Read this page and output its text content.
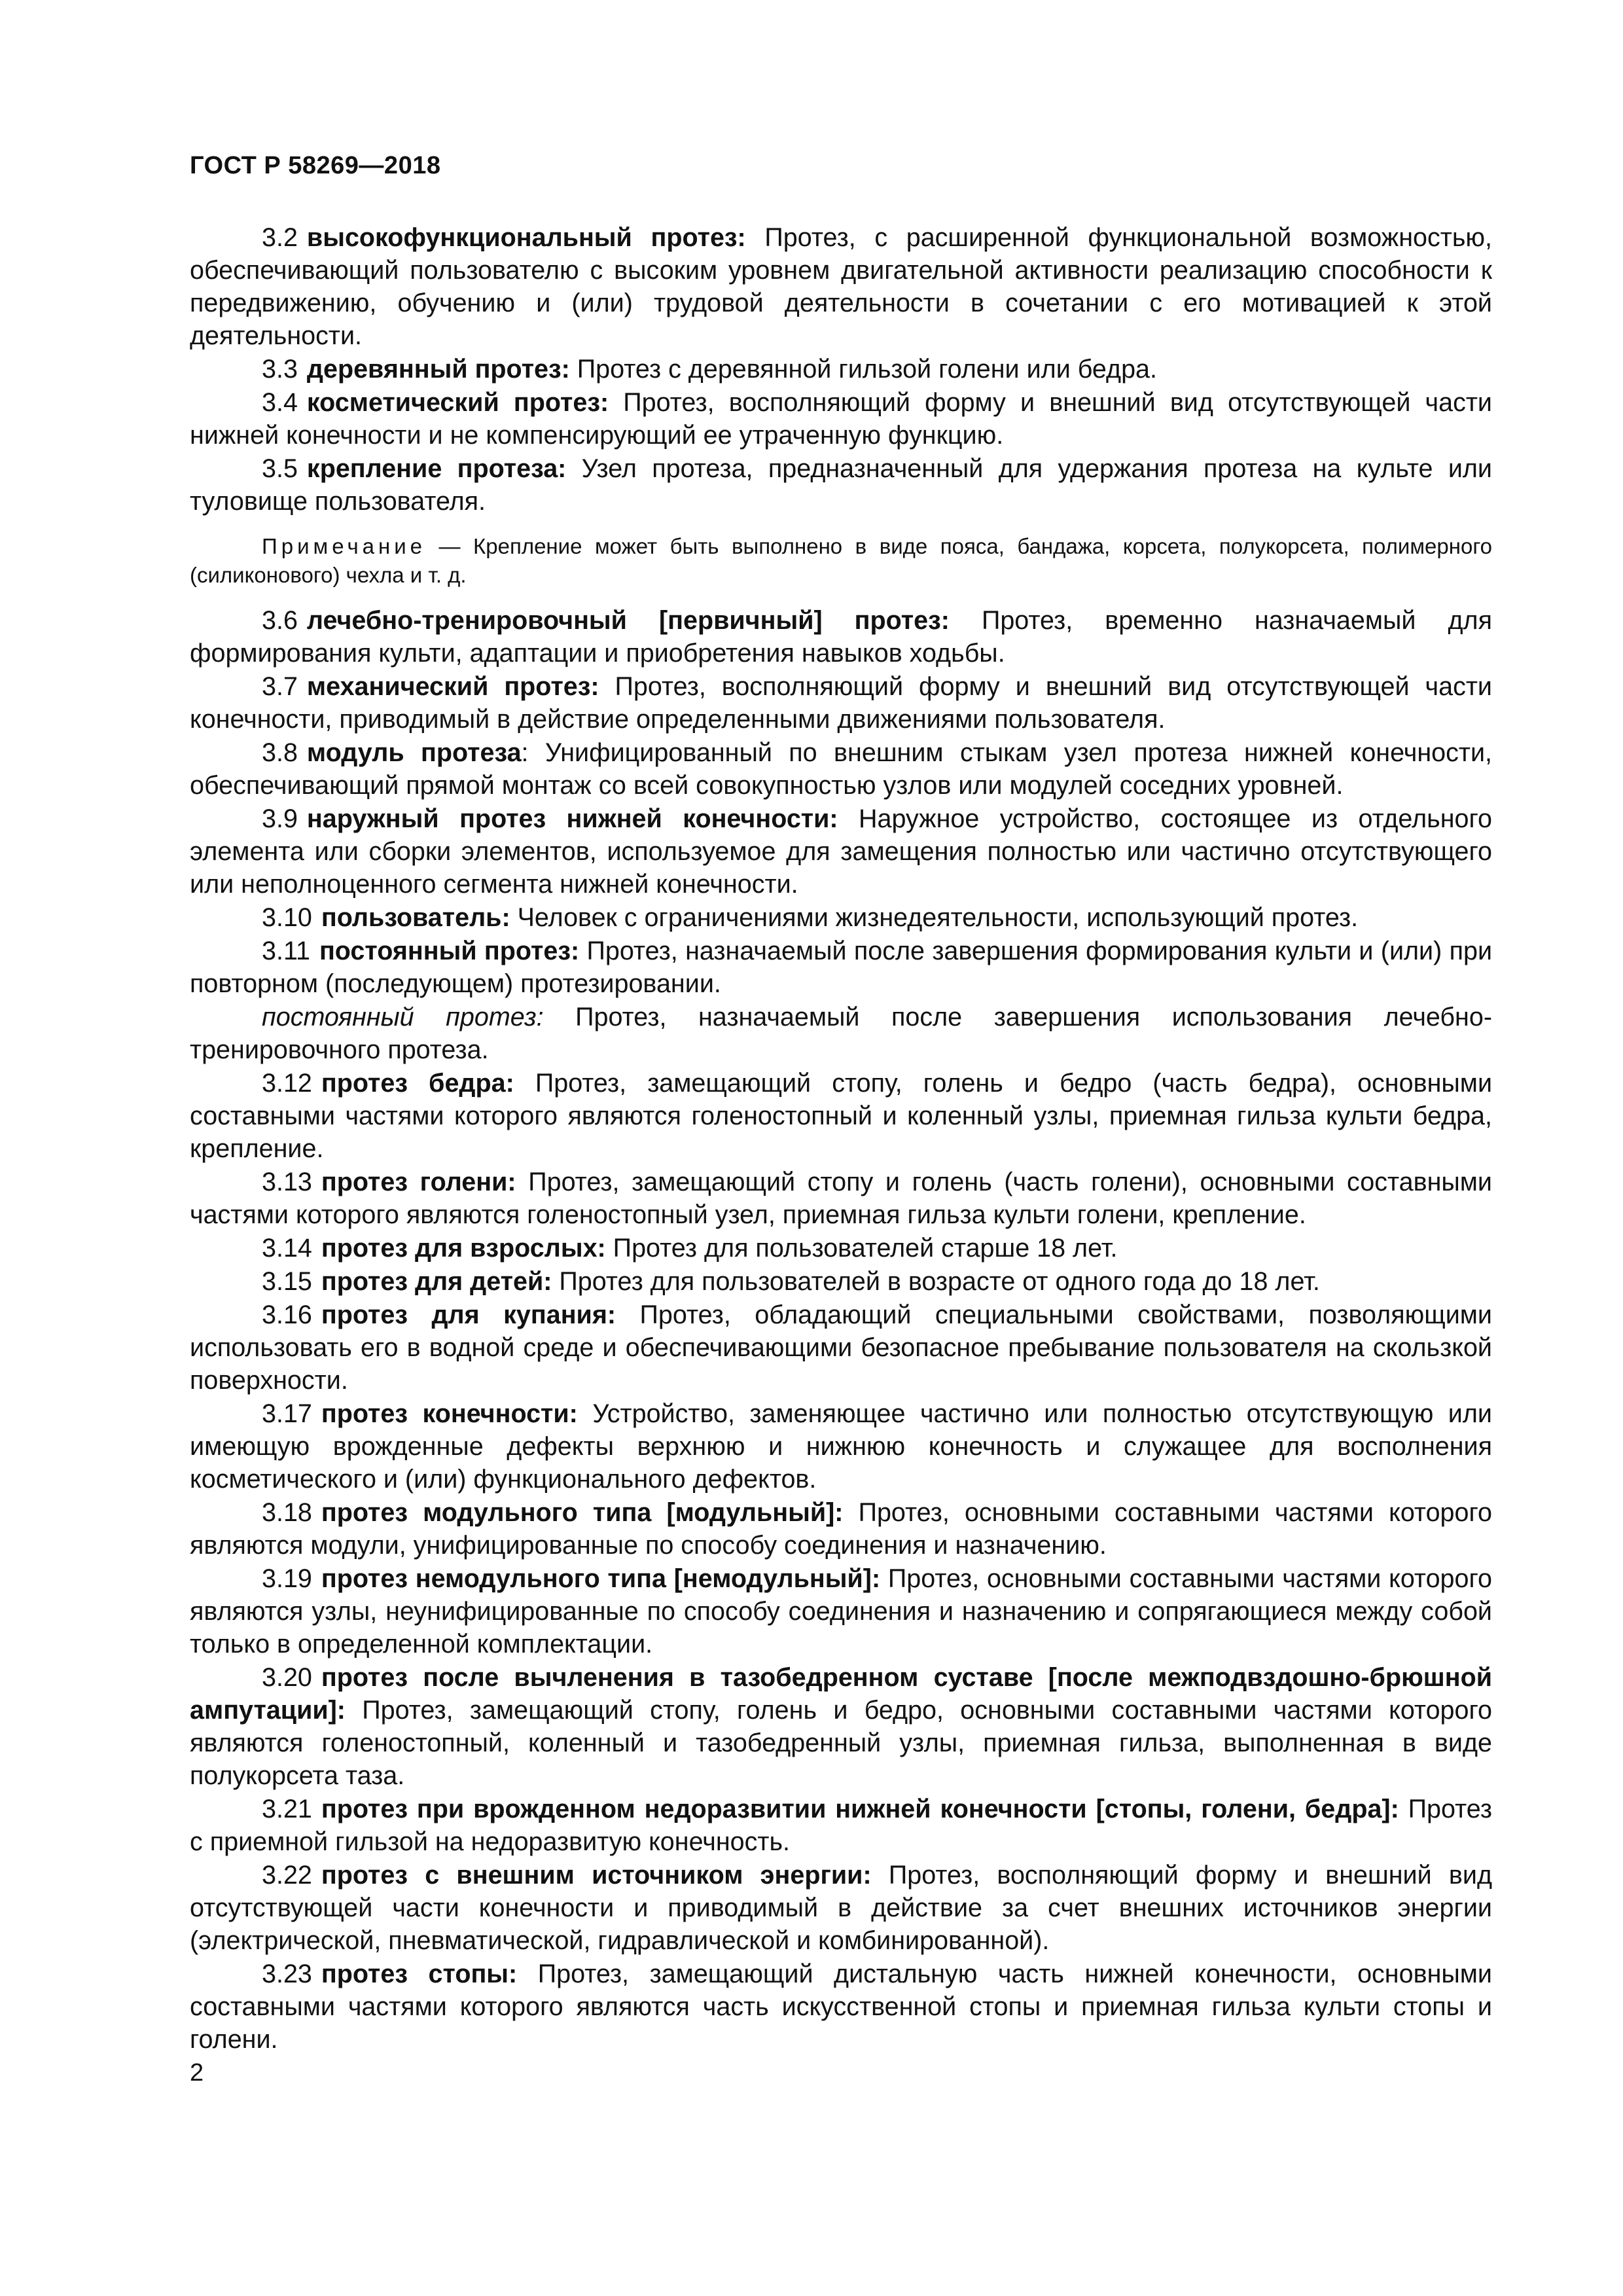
ГОСТ Р 58269—2018

3.2 высокофункциональный протез: Протез, с расширенной функциональной возможностью, обеспечивающий пользователю с высоким уровнем двигательной активности реализацию способности к передвижению, обучению и (или) трудовой деятельности в сочетании с его мотивацией к этой деятельности.

3.3 деревянный протез: Протез с деревянной гильзой голени или бедра.

3.4 косметический протез: Протез, восполняющий форму и внешний вид отсутствующей части нижней конечности и не компенсирующий ее утраченную функцию.

3.5 крепление протеза: Узел протеза, предназначенный для удержания протеза на культе или туловище пользователя.

Примечание — Крепление может быть выполнено в виде пояса, бандажа, корсета, полукорсета, полимерного (силиконового) чехла и т. д.

3.6 лечебно-тренировочный [первичный] протез: Протез, временно назначаемый для формирования культи, адаптации и приобретения навыков ходьбы.

3.7 механический протез: Протез, восполняющий форму и внешний вид отсутствующей части конечности, приводимый в действие определенными движениями пользователя.

3.8 модуль протеза: Унифицированный по внешним стыкам узел протеза нижней конечности, обеспечивающий прямой монтаж со всей совокупностью узлов или модулей соседних уровней.

3.9 наружный протез нижней конечности: Наружное устройство, состоящее из отдельного элемента или сборки элементов, используемое для замещения полностью или частично отсутствующего или неполноценного сегмента нижней конечности.

3.10 пользователь: Человек с ограничениями жизнедеятельности, использующий протез.

3.11 постоянный протез: Протез, назначаемый после завершения формирования культи и (или) при повторном (последующем) протезировании.

постоянный протез: Протез, назначаемый после завершения использования лечебно-тренировочного протеза.

3.12 протез бедра: Протез, замещающий стопу, голень и бедро (часть бедра), основными составными частями которого являются голеностопный и коленный узлы, приемная гильза культи бедра, крепление.

3.13 протез голени: Протез, замещающий стопу и голень (часть голени), основными составными частями которого являются голеностопный узел, приемная гильза культи голени, крепление.

3.14 протез для взрослых: Протез для пользователей старше 18 лет.

3.15 протез для детей: Протез для пользователей в возрасте от одного года до 18 лет.

3.16 протез для купания: Протез, обладающий специальными свойствами, позволяющими использовать его в водной среде и обеспечивающими безопасное пребывание пользователя на скользкой поверхности.

3.17 протез конечности: Устройство, заменяющее частично или полностью отсутствующую или имеющую врожденные дефекты верхнюю и нижнюю конечность и служащее для восполнения косметического и (или) функционального дефектов.

3.18 протез модульного типа [модульный]: Протез, основными составными частями которого являются модули, унифицированные по способу соединения и назначению.

3.19 протез немодульного типа [немодульный]: Протез, основными составными частями которого являются узлы, неунифицированные по способу соединения и назначению и сопрягающиеся между собой только в определенной комплектации.

3.20 протез после вычленения в тазобедренном суставе [после межподвздошно-брюшной ампутации]: Протез, замещающий стопу, голень и бедро, основными составными частями которого являются голеностопный, коленный и тазобедренный узлы, приемная гильза, выполненная в виде полукорсета таза.

3.21 протез при врожденном недоразвитии нижней конечности [стопы, голени, бедра]: Протез с приемной гильзой на недоразвитую конечность.

3.22 протез с внешним источником энергии: Протез, восполняющий форму и внешний вид отсутствующей части конечности и приводимый в действие за счет внешних источников энергии (электрической, пневматической, гидравлической и комбинированной).

3.23 протез стопы: Протез, замещающий дистальную часть нижней конечности, основными составными частями которого являются часть искусственной стопы и приемная гильза культи стопы и голени.

2
